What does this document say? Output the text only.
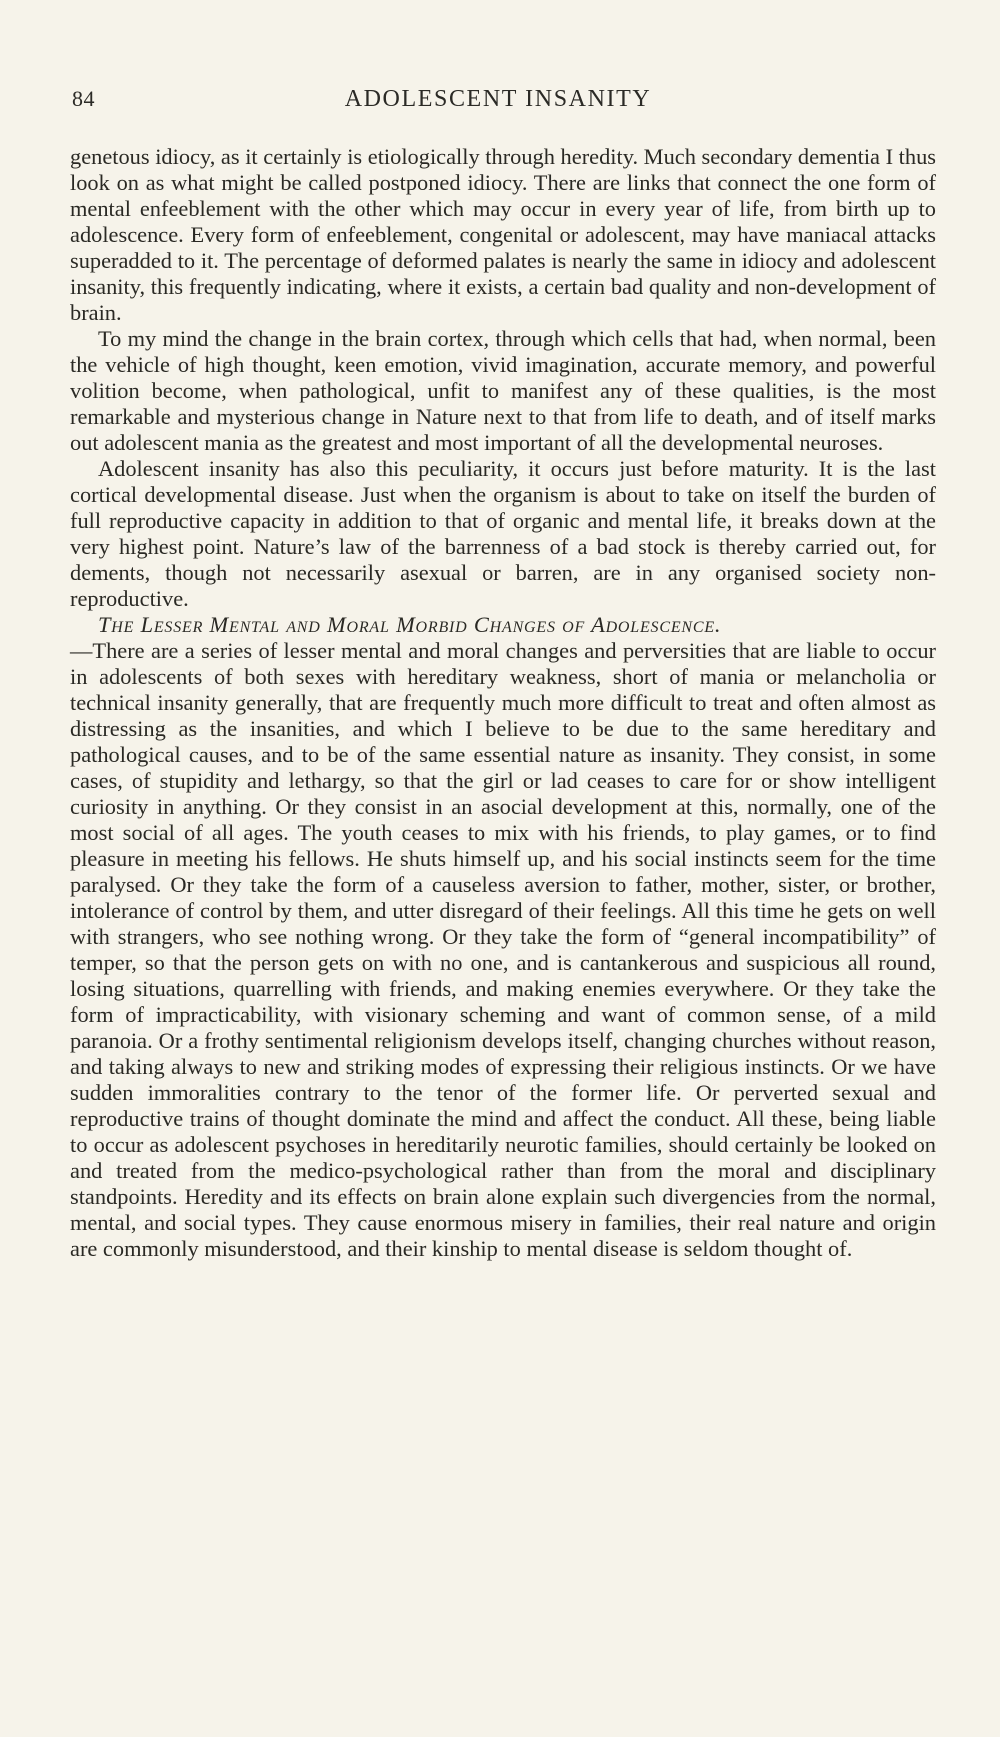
84	ADOLESCENT INSANITY

genetous idiocy, as it certainly is etiologically through heredity. Much secondary dementia I thus look on as what might be called postponed idiocy. There are links that connect the one form of mental enfeeblement with the other which may occur in every year of life, from birth up to adolescence. Every form of enfeeblement, congenital or adolescent, may have maniacal attacks superadded to it. The percentage of deformed palates is nearly the same in idiocy and adolescent insanity, this frequently indicating, where it exists, a certain bad quality and non-development of brain.

To my mind the change in the brain cortex, through which cells that had, when normal, been the vehicle of high thought, keen emotion, vivid imagination, accurate memory, and powerful volition become, when pathological, unfit to manifest any of these qualities, is the most remarkable and mysterious change in Nature next to that from life to death, and of itself marks out adolescent mania as the greatest and most important of all the developmental neuroses.

Adolescent insanity has also this peculiarity, it occurs just before maturity. It is the last cortical developmental disease. Just when the organism is about to take on itself the burden of full reproductive capacity in addition to that of organic and mental life, it breaks down at the very highest point. Nature’s law of the barrenness of a bad stock is thereby carried out, for dements, though not necessarily asexual or barren, are in any organised society non-reproductive.

The Lesser Mental and Moral Morbid Changes of Adolescence.
—There are a series of lesser mental and moral changes and perversities that are liable to occur in adolescents of both sexes with hereditary weakness, short of mania or melancholia or technical insanity generally, that are frequently much more difficult to treat and often almost as distressing as the insanities, and which I believe to be due to the same hereditary and pathological causes, and to be of the same essential nature as insanity. They consist, in some cases, of stupidity and lethargy, so that the girl or lad ceases to care for or show intelligent curiosity in anything. Or they consist in an asocial development at this, normally, one of the most social of all ages. The youth ceases to mix with his friends, to play games, or to find pleasure in meeting his fellows. He shuts himself up, and his social instincts seem for the time paralysed. Or they take the form of a causeless aversion to father, mother, sister, or brother, intolerance of control by them, and utter disregard of their feelings. All this time he gets on well with strangers, who see nothing wrong. Or they take the form of “general incompatibility” of temper, so that the person gets on with no one, and is cantankerous and suspicious all round, losing situations, quarrelling with friends, and making enemies everywhere. Or they take the form of impracticability, with visionary scheming and want of common sense, of a mild paranoia. Or a frothy sentimental religionism develops itself, changing churches without reason, and taking always to new and striking modes of expressing their religious instincts. Or we have sudden immoralities contrary to the tenor of the former life. Or perverted sexual and reproductive trains of thought dominate the mind and affect the conduct. All these, being liable to occur as adolescent psychoses in hereditarily neurotic families, should certainly be looked on and treated from the medico-psychological rather than from the moral and disciplinary standpoints. Heredity and its effects on brain alone explain such divergencies from the normal, mental, and social types. They cause enormous misery in families, their real nature and origin are commonly misunderstood, and their kinship to mental disease is seldom thought of.
